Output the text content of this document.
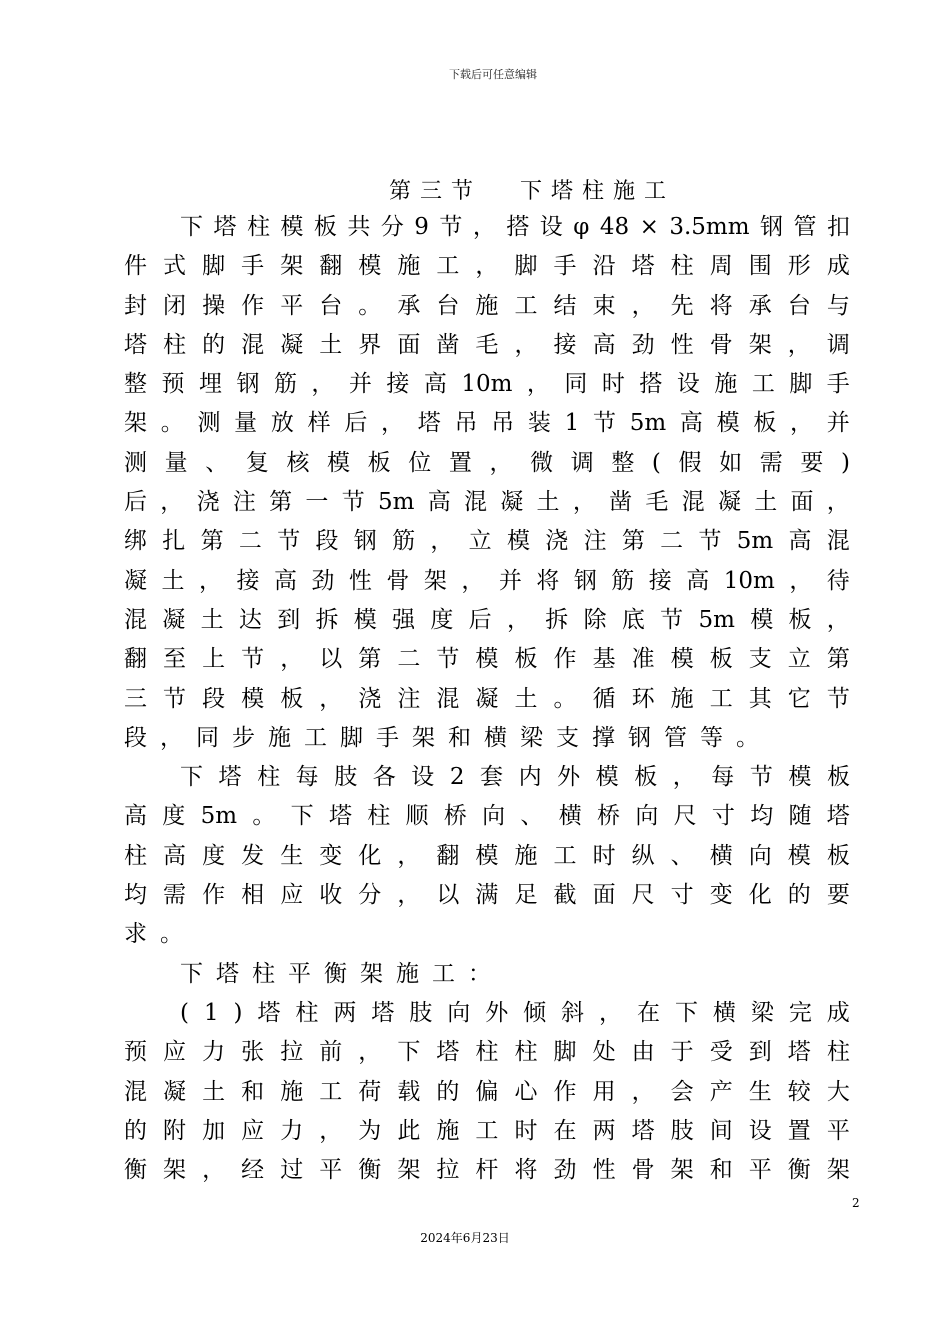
下载后可任意编辑
第三节 下塔柱施工
下 塔 柱 模 板 共 分 9 节 ， 搭 设 φ 48 × 3.5mm 钢 管 扣
件 式 脚 手 架 翻 模 施 工 ， 脚 手 沿 塔 柱 周 围 形 成
封 闭 操 作 平 台 。 承 台 施 工 结 束 ， 先 将 承 台 与
塔 柱 的 混 凝 土 界 面 凿 毛 ， 接 高 劲 性 骨 架 ， 调
整 预 埋 钢 筋 ， 并 接 高 10m ， 同 时 搭 设 施 工 脚 手
架 。 测 量 放 样 后 ， 塔 吊 吊 装 1 节 5m 高 模 板 ， 并
测 量 、 复 核 模 板 位 置 ， 微 调 整 ( 假 如 需 要 )
后 ， 浇 注 第 一 节 5m 高 混 凝 土 ， 凿 毛 混 凝 土 面 ，
绑 扎 第 二 节 段 钢 筋 ， 立 模 浇 注 第 二 节 5m 高 混
凝 土 ， 接 高 劲 性 骨 架 ， 并 将 钢 筋 接 高 10m ， 待
混 凝 土 达 到 拆 模 强 度 后 ， 拆 除 底 节 5m 模 板 ，
翻 至 上 节 ， 以 第 二 节 模 板 作 基 准 模 板 支 立 第
三 节 段 模 板 ， 浇 注 混 凝 土 。 循 环 施 工 其 它 节
段 ， 同 步 施 工 脚 手 架 和 横 梁 支 撑 钢 管 等 。
下 塔 柱 每 肢 各 设 2 套 内 外 模 板 ， 每 节 模 板
高 度 5m 。 下 塔 柱 顺 桥 向 、 横 桥 向 尺 寸 均 随 塔
柱 高 度 发 生 变 化 ， 翻 模 施 工 时 纵 、 横 向 模 板
均 需 作 相 应 收 分 ， 以 满 足 截 面 尺 寸 变 化 的 要
求 。
下 塔 柱 平 衡 架 施 工 ：
( 1 ) 塔 柱 两 塔 肢 向 外 倾 斜 ， 在 下 横 梁 完 成
预 应 力 张 拉 前 ， 下 塔 柱 柱 脚 处 由 于 受 到 塔 柱
混 凝 土 和 施 工 荷 载 的 偏 心 作 用 ， 会 产 生 较 大
的 附 加 应 力 ， 为 此 施 工 时 在 两 塔 肢 间 设 置 平
衡 架 ， 经 过 平 衡 架 拉 杆 将 劲 性 骨 架 和 平 衡 架
2
2024年6月23日
